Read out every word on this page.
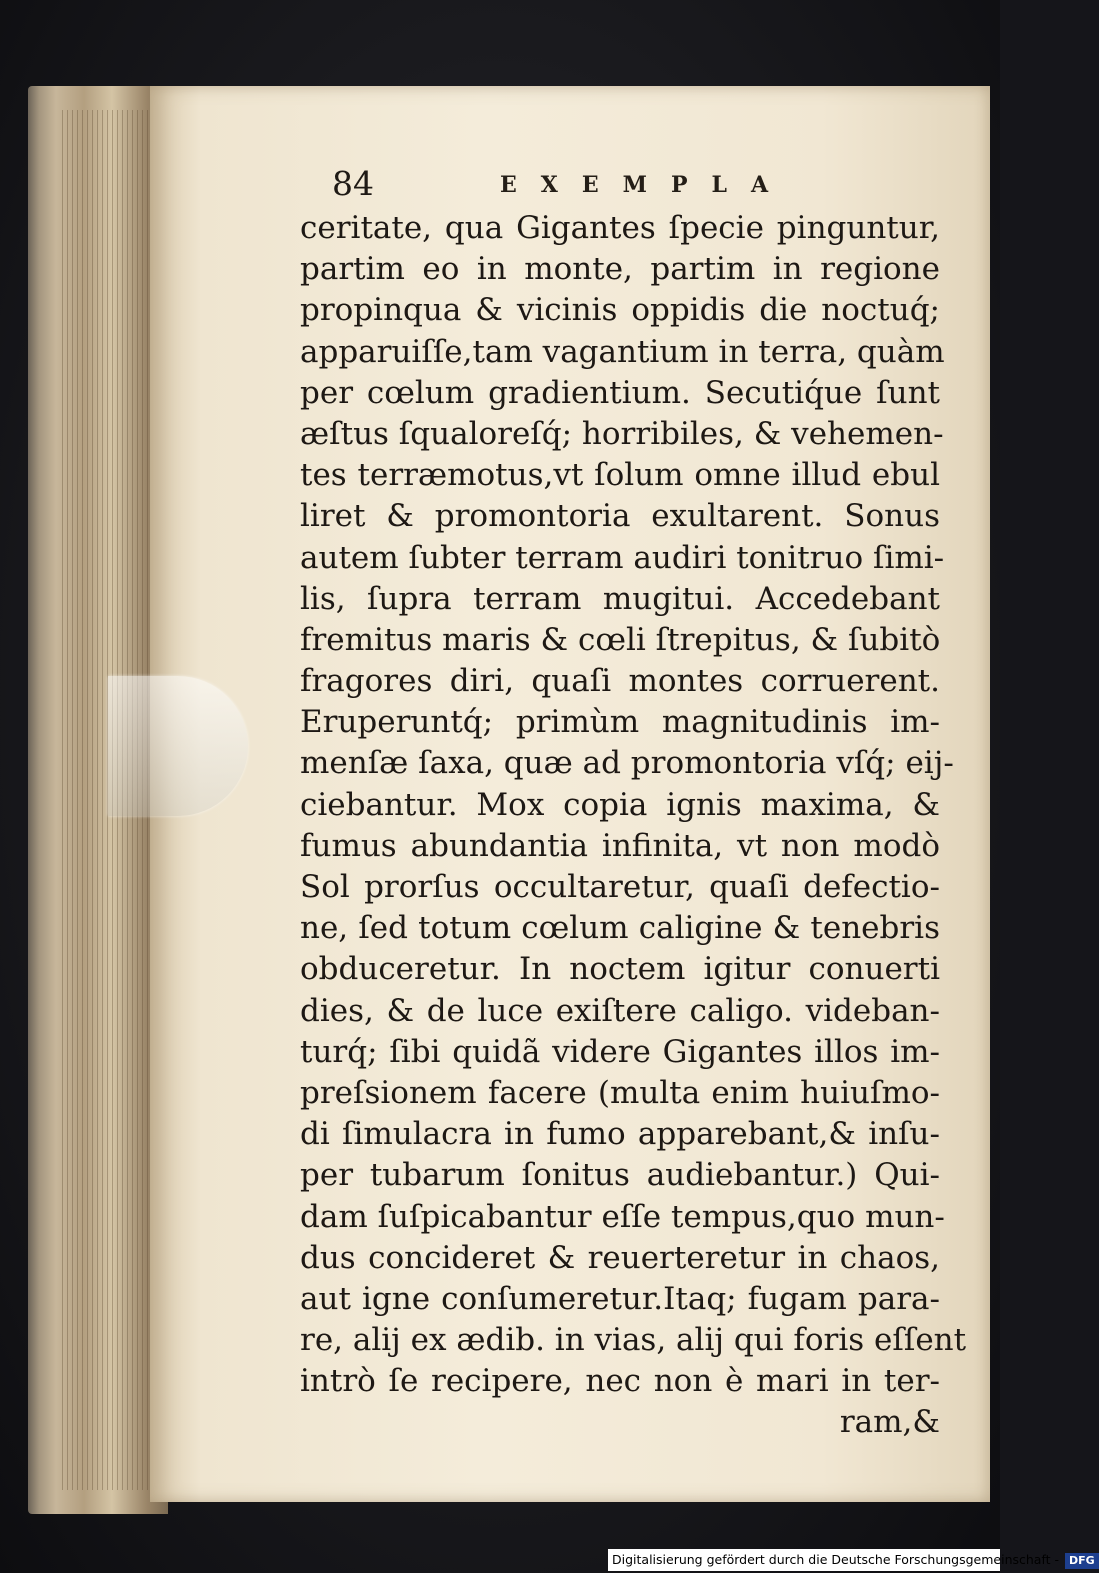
84	EXEMPLA
ceritate, qua Gigantes ſpecie pinguntur,
partim eo in monte, partim in regione
propinqua & vicinis oppidis die noctuq́;
apparuiſſe,tam vagantium in terra, quàm
per cœlum gradientium. Secutiq́ue ſunt
æſtus ſqualoreſq́; horribiles, & vehemen-
tes terræmotus,vt ſolum omne illud ebul
liret & promontoria exultarent. Sonus
autem ſubter terram audiri tonitruo ſimi-
lis, ſupra terram mugitui. Accedebant
fremitus maris & cœli ſtrepitus, & ſubitò
fragores diri, quaſi montes corruerent.
Eruperuntq́; primùm magnitudinis im-
menſæ ſaxa, quæ ad promontoria vſq́; eij-
ciebantur. Mox copia ignis maxima, &
fumus abundantia infinita, vt non modò
Sol prorſus occultaretur, quaſi defectio-
ne, ſed totum cœlum caligine & tenebris
obduceretur. In noctem igitur conuerti
dies, & de luce exiſtere caligo. videban-
turq́; ſibi quidã videre Gigantes illos im-
preſsionem facere (multa enim huiuſmo-
di ſimulacra in fumo apparebant,& inſu-
per tubarum ſonitus audiebantur.) Qui-
dam ſuſpicabantur eſſe tempus,quo mun-
dus concideret & reuerteretur in chaos,
aut igne conſumeretur.Itaq; fugam para-
re, alij ex ædib. in vias, alij qui foris eſſent
intrò ſe recipere, nec non è mari in ter-
ram,&
Digitalisierung gefördert durch die Deutsche Forschungsgemeinschaft - DFG
